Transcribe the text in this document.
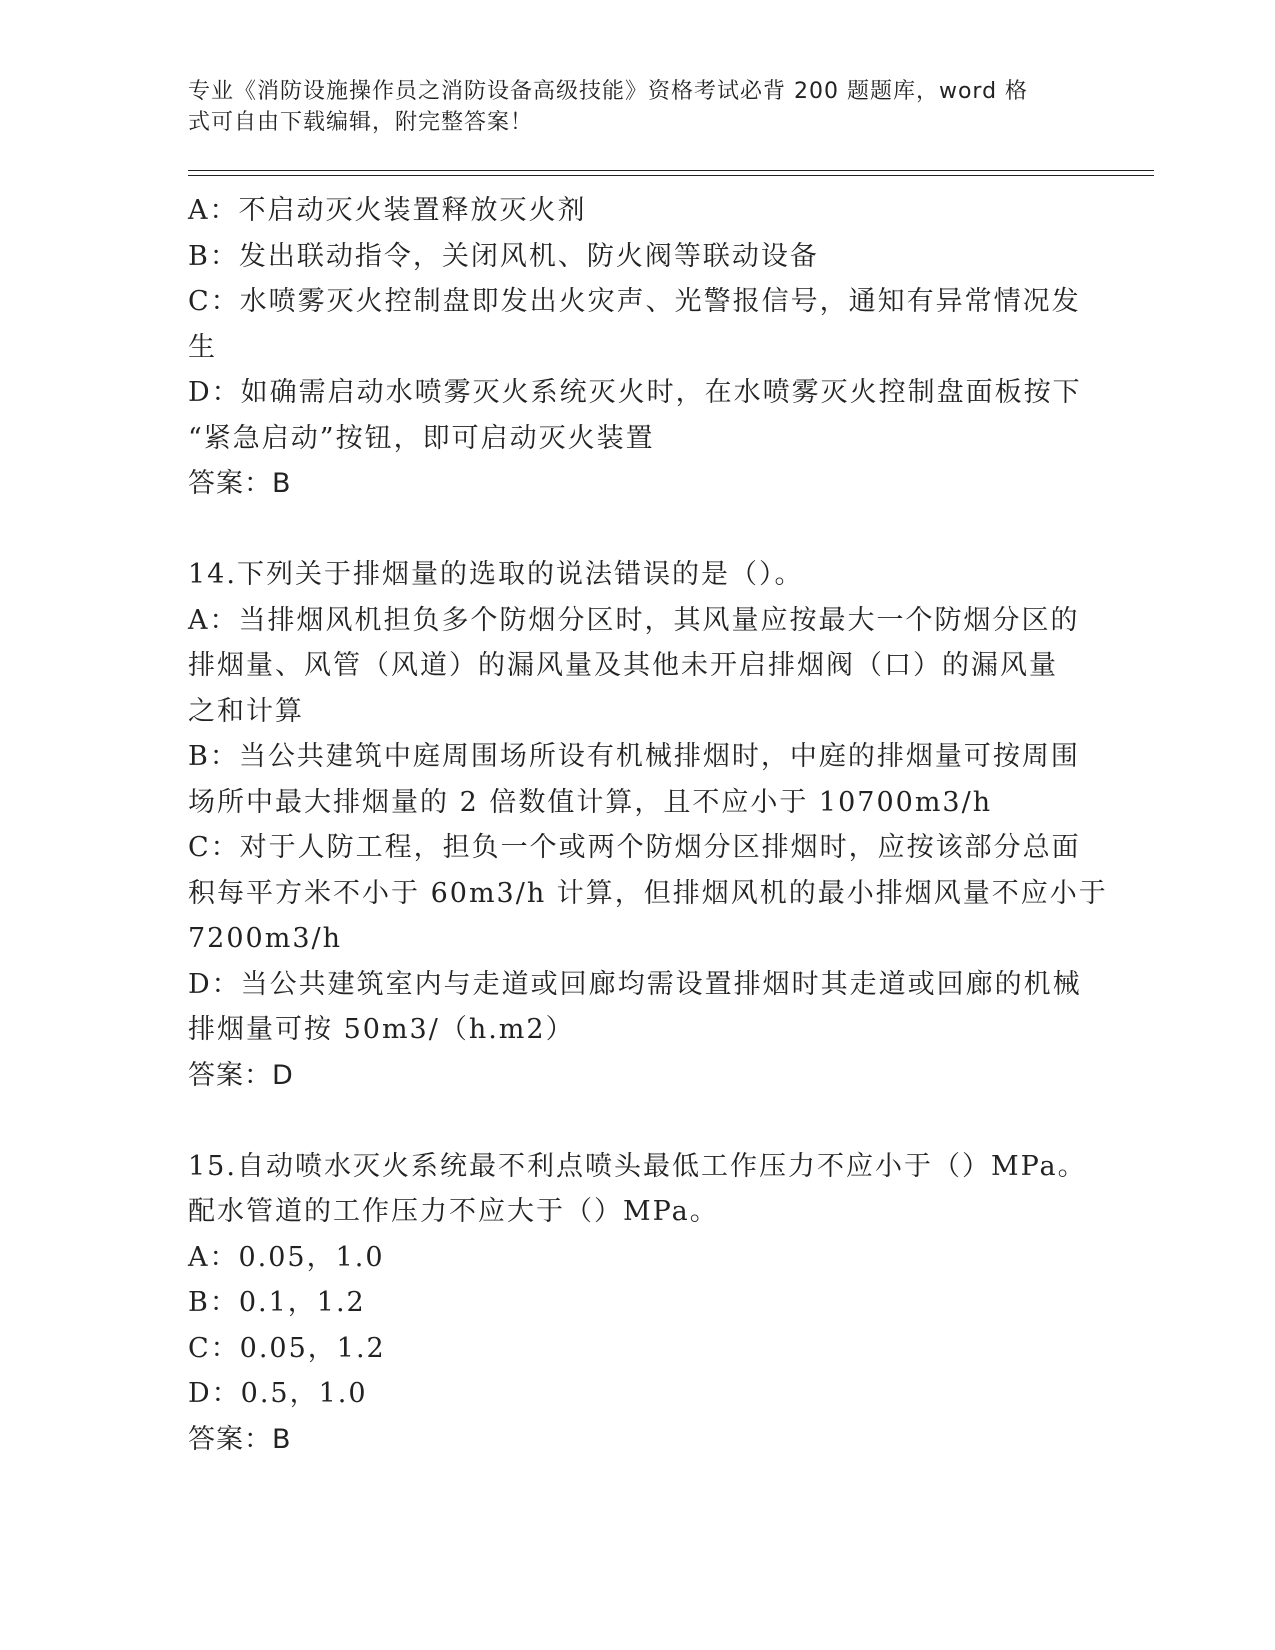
专业《消防设施操作员之消防设备高级技能》资格考试必背 200 题题库，word 格
式可自由下载编辑，附完整答案！
A：不启动灭火装置释放灭火剂
B：发出联动指令，关闭风机、防火阀等联动设备
C：水喷雾灭火控制盘即发出火灾声、光警报信号，通知有异常情况发
生
D：如确需启动水喷雾灭火系统灭火时，在水喷雾灭火控制盘面板按下
“紧急启动”按钮，即可启动灭火装置
答案：B
14.下列关于排烟量的选取的说法错误的是（）。
A：当排烟风机担负多个防烟分区时，其风量应按最大一个防烟分区的
排烟量、风管（风道）的漏风量及其他未开启排烟阀（口）的漏风量
之和计算
B：当公共建筑中庭周围场所设有机械排烟时，中庭的排烟量可按周围
场所中最大排烟量的 2 倍数值计算，且不应小于 10700m3/h
C：对于人防工程，担负一个或两个防烟分区排烟时，应按该部分总面
积每平方米不小于 60m3/h 计算，但排烟风机的最小排烟风量不应小于
7200m3/h
D：当公共建筑室内与走道或回廊均需设置排烟时其走道或回廊的机械
排烟量可按 50m3/（h.m2）
答案：D
15.自动喷水灭火系统最不利点喷头最低工作压力不应小于（）MPa。
配水管道的工作压力不应大于（）MPa。
A：0.05，1.0
B：0.1，1.2
C：0.05，1.2
D：0.5，1.0
答案：B
